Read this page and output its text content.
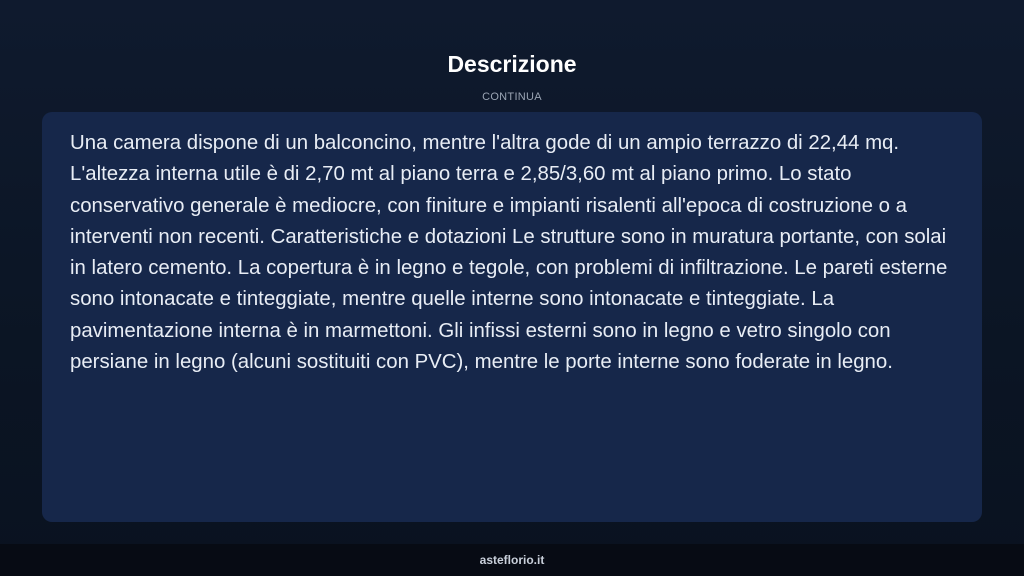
Descrizione
CONTINUA

Una camera dispone di un balconcino, mentre l'altra gode di un ampio terrazzo di 22,44 mq. L'altezza interna utile è di 2,70 mt al piano terra e 2,85/3,60 mt al piano primo. Lo stato conservativo generale è mediocre, con finiture e impianti risalenti all'epoca di costruzione o a interventi non recenti. Caratteristiche e dotazioni Le strutture sono in muratura portante, con solai in latero cemento. La copertura è in legno e tegole, con problemi di infiltrazione. Le pareti esterne sono intonacate e tinteggiate, mentre quelle interne sono intonacate e tinteggiate. La pavimentazione interna è in marmettoni. Gli infissi esterni sono in legno e vetro singolo con persiane in legno (alcuni sostituiti con PVC), mentre le porte interne sono foderate in legno.

asteflorio.it
